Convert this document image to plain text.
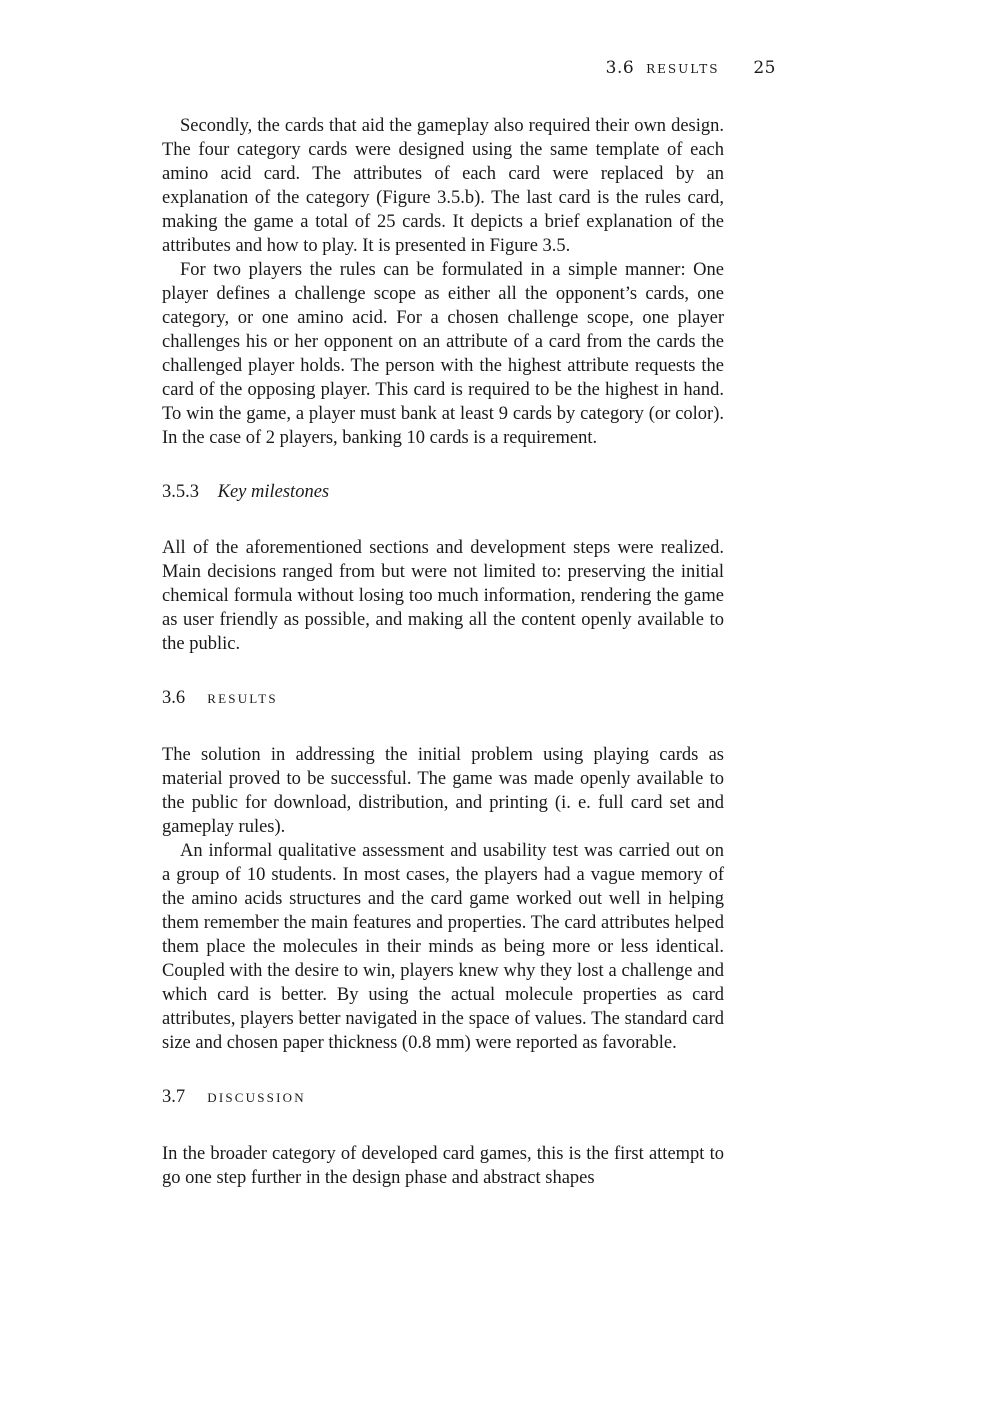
3.6 results 25

Secondly, the cards that aid the gameplay also required their own design. The four category cards were designed using the same template of each amino acid card. The attributes of each card were replaced by an explanation of the category (Figure 3.5.b). The last card is the rules card, making the game a total of 25 cards. It depicts a brief explanation of the attributes and how to play. It is presented in Figure 3.5.

For two players the rules can be formulated in a simple manner: One player defines a challenge scope as either all the opponent’s cards, one category, or one amino acid. For a chosen challenge scope, one player challenges his or her opponent on an attribute of a card from the cards the challenged player holds. The person with the highest attribute requests the card of the opposing player. This card is required to be the highest in hand. To win the game, a player must bank at least 9 cards by category (or color). In the case of 2 players, banking 10 cards is a requirement.

3.5.3 Key milestones

All of the aforementioned sections and development steps were realized. Main decisions ranged from but were not limited to: preserving the initial chemical formula without losing too much information, rendering the game as user friendly as possible, and making all the content openly available to the public.

3.6 RESULTS

The solution in addressing the initial problem using playing cards as material proved to be successful. The game was made openly available to the public for download, distribution, and printing (i. e. full card set and gameplay rules).

An informal qualitative assessment and usability test was carried out on a group of 10 students. In most cases, the players had a vague memory of the amino acids structures and the card game worked out well in helping them remember the main features and properties. The card attributes helped them place the molecules in their minds as being more or less identical. Coupled with the desire to win, players knew why they lost a challenge and which card is better. By using the actual molecule properties as card attributes, players better navigated in the space of values. The standard card size and chosen paper thickness (0.8 mm) were reported as favorable.

3.7 DISCUSSION

In the broader category of developed card games, this is the first attempt to go one step further in the design phase and abstract shapes
